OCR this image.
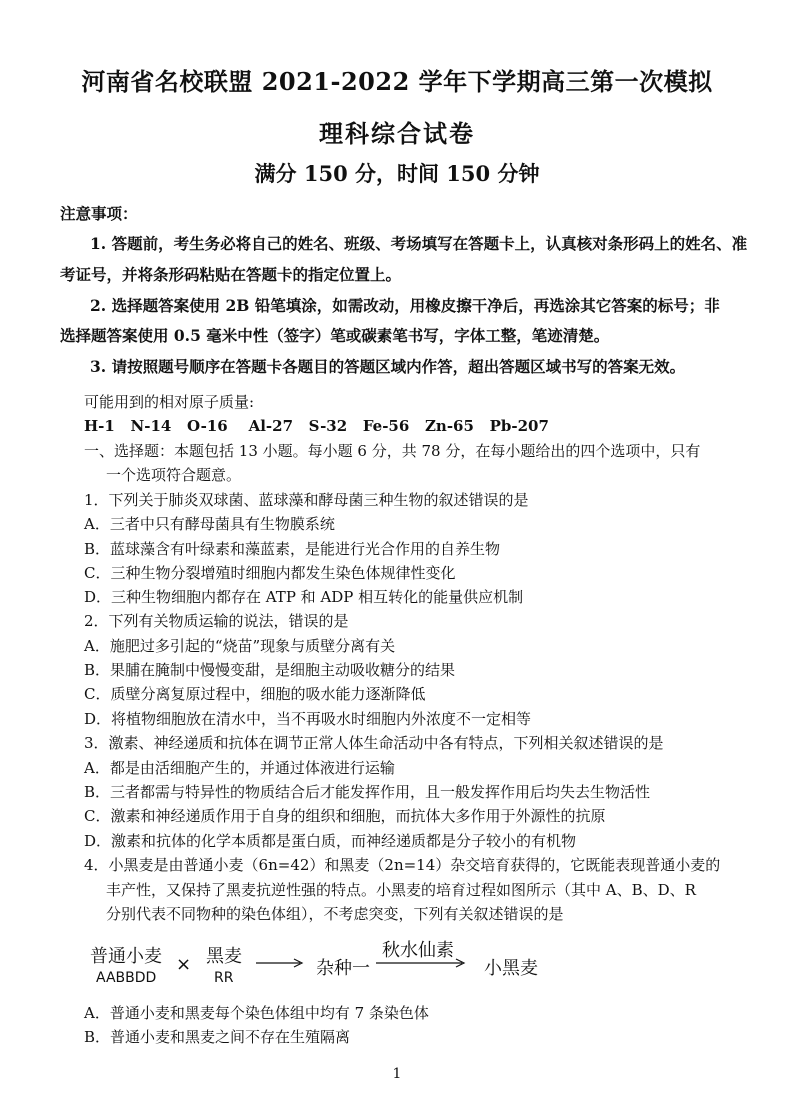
河南省名校联盟 2021-2022 学年下学期高三第一次模拟
理科综合试卷
满分 150 分，时间 150 分钟
注意事项：
1. 答题前，考生务必将自己的姓名、班级、考场填写在答题卡上，认真核对条形码上的姓名、准
考证号，并将条形码粘贴在答题卡的指定位置上。
2. 选择题答案使用 2B 铅笔填涂，如需改动，用橡皮擦干净后，再选涂其它答案的标号；非
选择题答案使用 0.5 毫米中性（签字）笔或碳素笔书写，字体工整，笔迹清楚。
3. 请按照题号顺序在答题卡各题目的答题区域内作答，超出答题区域书写的答案无效。
可能用到的相对原子质量:
H-1   N-14   O-16    Al-27   S-32   Fe-56   Zn-65   Pb-207
一、选择题：本题包括 13 小题。每小题 6 分，共 78 分，在每小题给出的四个选项中，只有
一个选项符合题意。
1．下列关于肺炎双球菌、蓝球藻和酵母菌三种生物的叙述错误的是
A．三者中只有酵母菌具有生物膜系统
B．蓝球藻含有叶绿素和藻蓝素，是能进行光合作用的自养生物
C．三种生物分裂增殖时细胞内都发生染色体规律性变化
D．三种生物细胞内都存在 ATP 和 ADP 相互转化的能量供应机制
2．下列有关物质运输的说法，错误的是
A．施肥过多引起的“烧苗”现象与质壁分离有关
B．果脯在腌制中慢慢变甜，是细胞主动吸收糖分的结果
C．质壁分离复原过程中，细胞的吸水能力逐渐降低
D．将植物细胞放在清水中，当不再吸水时细胞内外浓度不一定相等
3．激素、神经递质和抗体在调节正常人体生命活动中各有特点，下列相关叙述错误的是
A．都是由活细胞产生的，并通过体液进行运输
B．三者都需与特异性的物质结合后才能发挥作用，且一般发挥作用后均失去生物活性
C．激素和神经递质作用于自身的组织和细胞，而抗体大多作用于外源性的抗原
D．激素和抗体的化学本质都是蛋白质，而神经递质都是分子较小的有机物
4．小黑麦是由普通小麦（6n=42）和黑麦（2n=14）杂交培育获得的，它既能表现普通小麦的
丰产性，又保持了黑麦抗逆性强的特点。小黑麦的培育过程如图所示（其中 A、B、D、R
分别代表不同物种的染色体组），不考虑突变，下列有关叙述错误的是
普通小麦
AABBDD
× 黑麦
RR	杂种一
秋水仙素
小黑麦
A．普通小麦和黑麦每个染色体组中均有 7 条染色体
B．普通小麦和黑麦之间不存在生殖隔离
1
